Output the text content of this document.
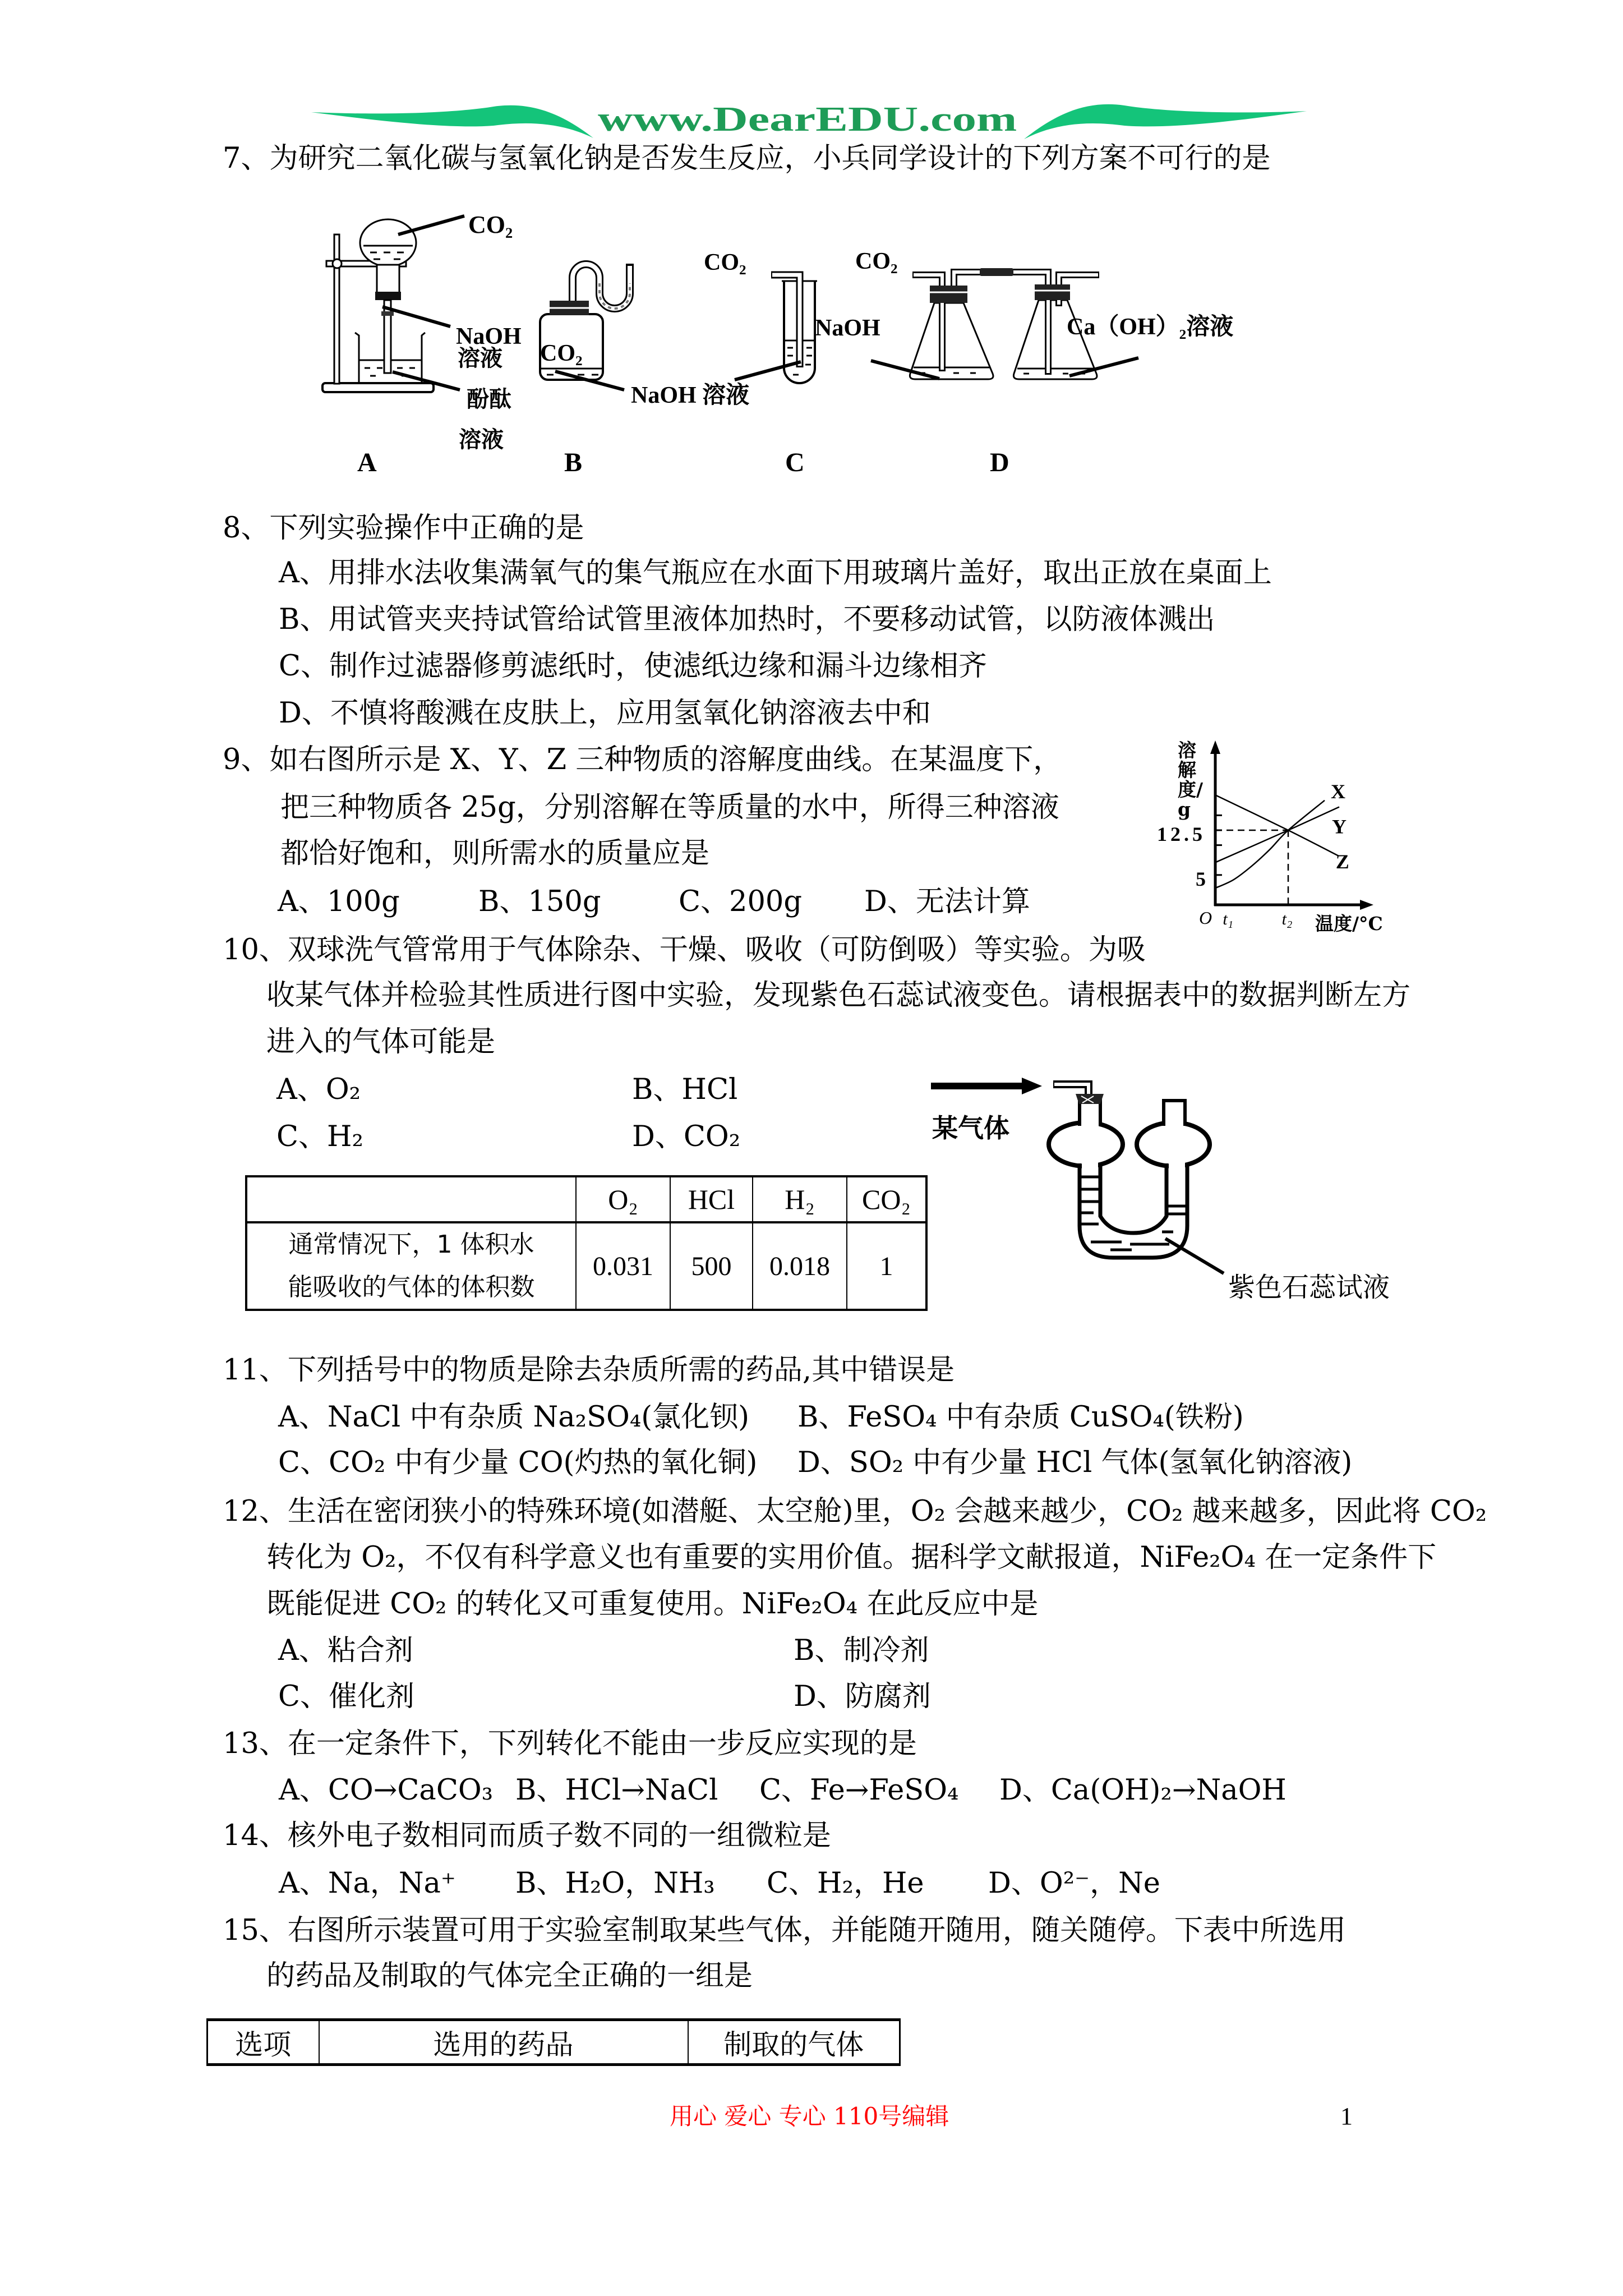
www.DearEDU.com
7、为研究二氧化碳与氢氧化钠是否发生反应，小兵同学设计的下列方案不可行的是
CO₂
NaOH
溶液
酚酞
溶液
CO₂
NaOH 溶液
CO₂
NaOH
CO₂
Ca（OH）₂溶液
A	B	C	D
8、下列实验操作中正确的是
A、用排水法收集满氧气的集气瓶应在水面下用玻璃片盖好，取出正放在桌面上
B、用试管夹夹持试管给试管里液体加热时，不要移动试管，以防液体溅出
C、制作过滤器修剪滤纸时，使滤纸边缘和漏斗边缘相齐
D、不慎将酸溅在皮肤上，应用氢氧化钠溶液去中和
9、如右图所示是 X、Y、Z 三种物质的溶解度曲线。在某温度下，
把三种物质各 25g，分别溶解在等质量的水中，所得三种溶液
都恰好饱和，则所需水的质量应是
A、100g	B、150g	C、200g D、无法计算
溶解度/g
5
12.5
t₁	t₂
O	温度/°C
X
Y
Z
10、双球洗气管常用于气体除杂、干燥、吸收（可防倒吸）等实验。为吸
收某气体并检验其性质进行图中实验，发现紫色石蕊试液变色。请根据表中的数据判断左方
进入的气体可能是
A、O₂	B、HCl
C、H₂	D、CO₂	某气体
紫色石蕊试液
	O₂	HCl	H₂	CO₂

通常情况下，1 体积水
能吸收的气体的体积数	0.031	500	0.018	1
11、下列括号中的物质是除去杂质所需的药品,其中错误是
A、NaCl 中有杂质 Na₂SO₄(氯化钡) B、FeSO₄ 中有杂质 CuSO₄(铁粉)
C、CO₂ 中有少量 CO(灼热的氧化铜) D、SO₂ 中有少量 HCl 气体(氢氧化钠溶液)
12、生活在密闭狭小的特殊环境(如潜艇、太空舱)里，O₂ 会越来越少，CO₂ 越来越多，因此将 CO₂
转化为 O₂，不仅有科学意义也有重要的实用价值。据科学文献报道，NiFe₂O₄ 在一定条件下
既能促进 CO₂ 的转化又可重复使用。NiFe₂O₄ 在此反应中是
A、粘合剂	B、制冷剂
C、催化剂	D、防腐剂
13、在一定条件下，下列转化不能由一步反应实现的是
A、CO→CaCO₃ B、HCl→NaCl C、Fe→FeSO₄ D、Ca(OH)₂→NaOH
14、核外电子数相同而质子数不同的一组微粒是
A、Na，Na⁺ B、H₂O，NH₃ C、H₂，He D、O²⁻，Ne
15、右图所示装置可用于实验室制取某些气体，并能随开随用，随关随停。下表中所选用
的药品及制取的气体完全正确的一组是
选项	选用的药品	制取的气体
用心 爱心 专心 110号编辑	1
